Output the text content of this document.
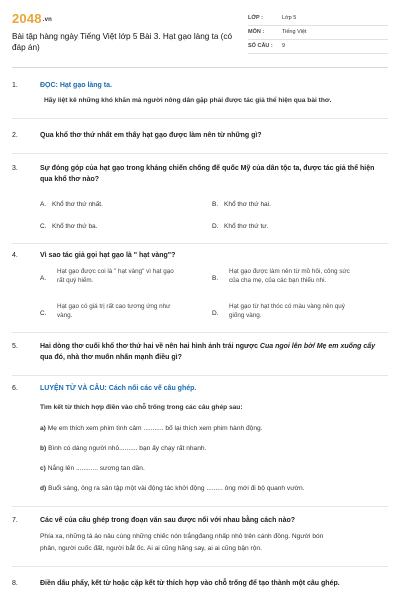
2048.vn
Bài tập hàng ngày Tiếng Việt lớp 5 Bài 3. Hạt gạo làng ta (có đáp án)
LỚP :	Lớp 5
MÔN :	Tiếng Việt
SỐ CÂU :	9
1.	ĐỌC: Hạt gạo làng ta.
Hãy liệt kê những khó khăn mà người nông dân gặp phải được tác giả thể hiện qua bài thơ.
2.	Qua khổ thơ thứ nhất em thấy hạt gạo được làm nên từ những gì?
3.	Sự đóng góp của hạt gạo trong kháng chiến chống đế quốc Mỹ của dân tộc ta, được tác giả thể hiện qua khổ thơ nào?
A. Khổ thơ thứ nhất.	B. Khổ thơ thứ hai.
C. Khổ thơ thứ ba.	D. Khổ thơ thứ tư.
4.	Vì sao tác giả gọi hạt gạo là " hạt vàng"?
A.
Hạt gạo được coi là " hạt vàng" vì hạt gạo
rất quý hiếm.	B.
Hạt gạo được làm nên từ mồ hôi, công sức
của cha mẹ, của các bạn thiếu nhi.
C.
Hạt gạo có giá trị rất cao tương ứng như
vàng.	D.
Hạt gạo từ hạt thóc có màu vàng nên quý
giống vàng.
5.	Hai dòng thơ cuối khổ thơ thứ hai về nên hai hình ảnh trái ngược Cua ngoi lên bờ/ Mẹ em xuống cấy qua đó, nhà thơ muốn nhấn mạnh điều gì?
6.	LUYỆN TỪ VÀ CÂU: Cách nối các vế câu ghép.
Tìm kết từ thích hợp điền vào chỗ trống trong các câu ghép sau:
a) Mẹ em thích xem phim tình cảm ........... bố lại thích xem phim hành động.
b) Bình có dáng người nhỏ.......... bạn ấy chạy rất nhanh.
c) Nắng lên ............ sương tan dần.
d) Buổi sáng, ông ra sân tập một vài động tác khởi động ......... ông mới đi bộ quanh vườn.
7.	Các vế của câu ghép trong đoạn văn sau được nối với nhau bằng cách nào?
Phía xa, những tà áo nâu cùng những chiếc nón trắngđang nhấp nhô trên cánh đồng. Người bón
phân, người cuốc đất, người bắt ốc. Ai ai cũng hăng say, ai ai cũng bận rộn.
8.	Điền dấu phẩy, kết từ hoặc cặp kết từ thích hợp vào chỗ trống để tạo thành một câu ghép.
